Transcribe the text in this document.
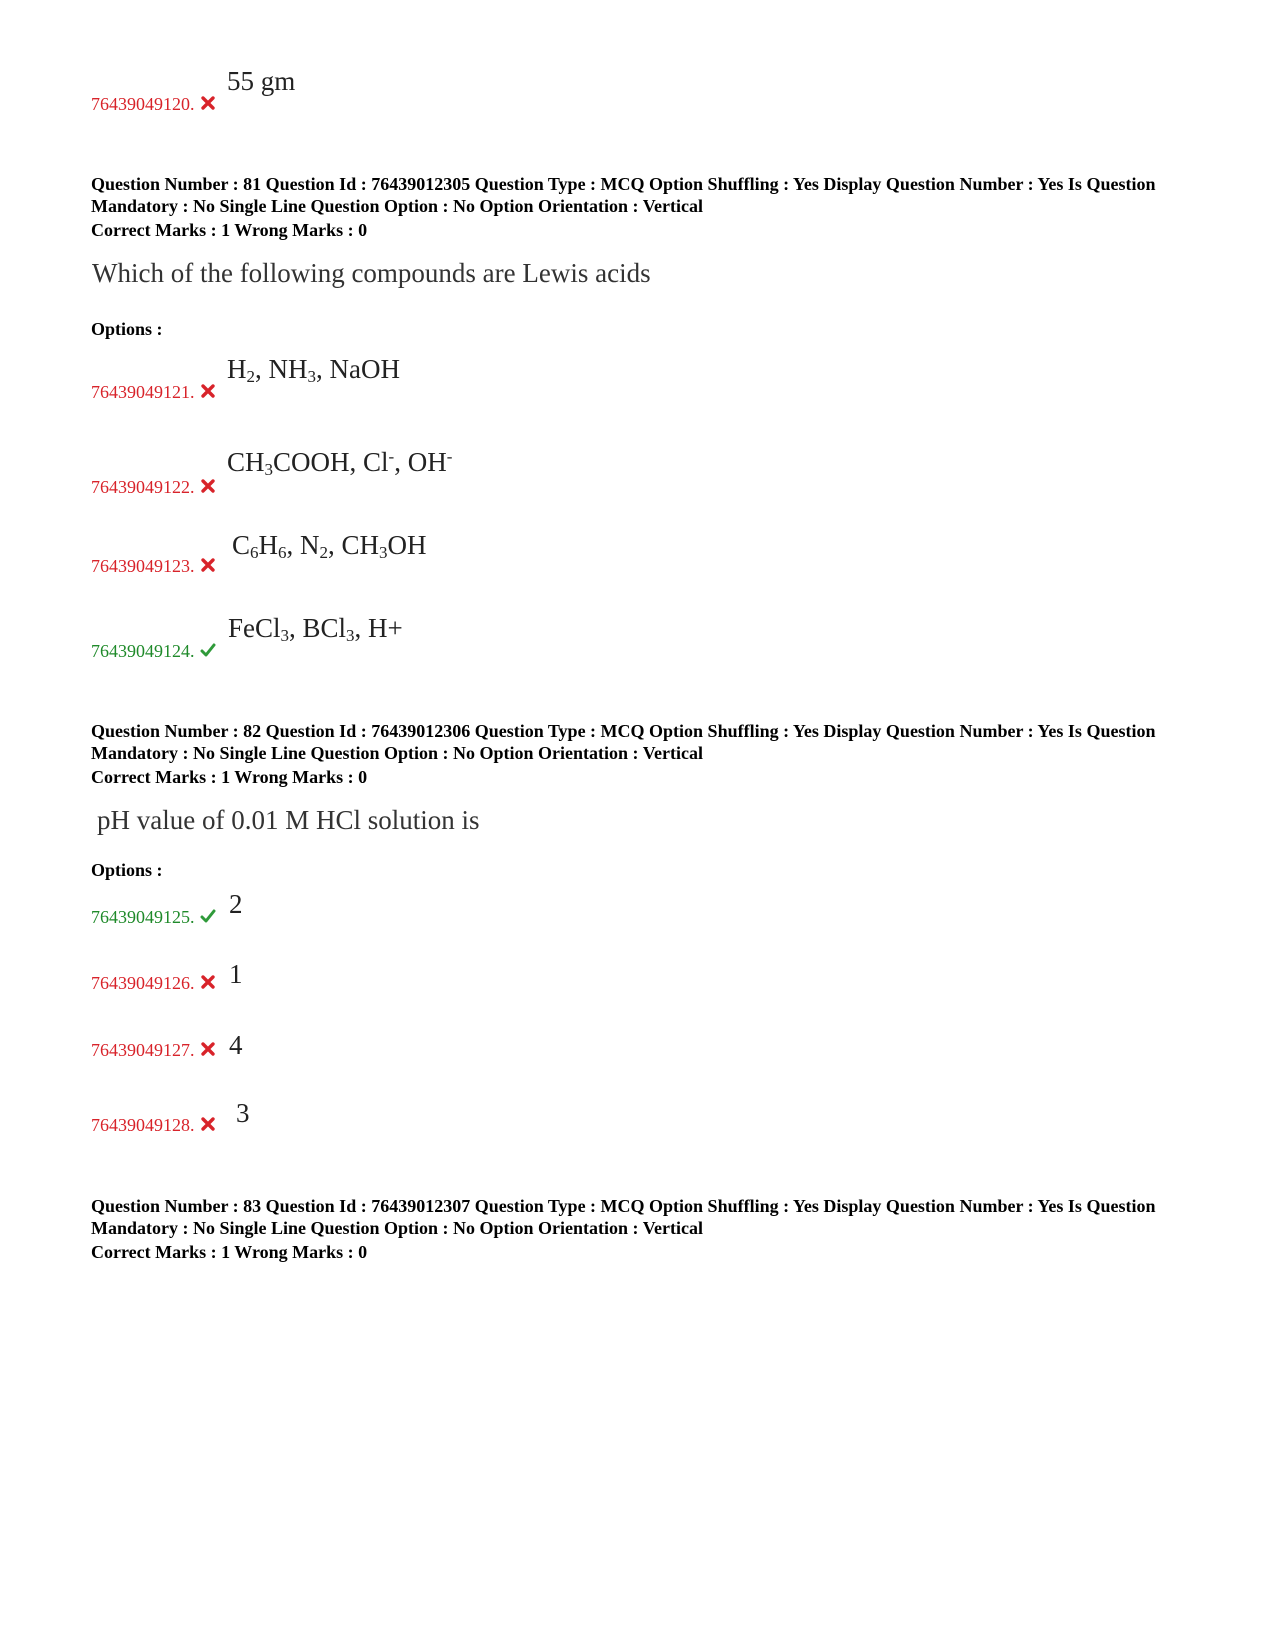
55 gm
76439049120.
Question Number : 81 Question Id : 76439012305 Question Type : MCQ Option Shuffling : Yes Display Question Number : Yes Is Question Mandatory : No Single Line Question Option : No Option Orientation : Vertical
Correct Marks : 1 Wrong Marks : 0
Which of the following compounds are Lewis acids
Options :
$H_2$, $NH_3$, NaOH
76439049121.
$CH_3COOH$, Cl-, OH-
76439049122.
$C_6H_6$, $N_2$, $CH_3OH$
76439049123.
FeCl$_3$, BCl$_3$, H+
76439049124.
Question Number : 82 Question Id : 76439012306 Question Type : MCQ Option Shuffling : Yes Display Question Number : Yes Is Question Mandatory : No Single Line Question Option : No Option Orientation : Vertical
Correct Marks : 1 Wrong Marks : 0
pH value of 0.01 M HCl solution is
Options :
2
76439049125.
1
76439049126.
4
76439049127.
3
76439049128.
Question Number : 83 Question Id : 76439012307 Question Type : MCQ Option Shuffling : Yes Display Question Number : Yes Is Question Mandatory : No Single Line Question Option : No Option Orientation : Vertical
Correct Marks : 1 Wrong Marks : 0
